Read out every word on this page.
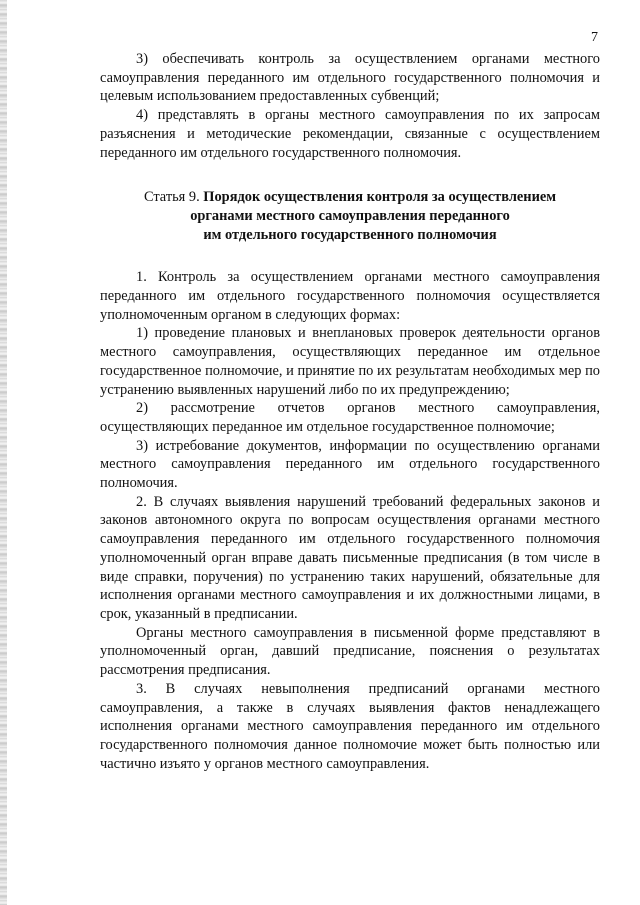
7

3) обеспечивать контроль за осуществлением органами местного самоуправления переданного им отдельного государственного полномочия и целевым использованием предоставленных субвенций;

4) представлять в органы местного самоуправления по их запросам разъяснения и методические рекомендации, связанные с осуществлением переданного им отдельного государственного полномочия.

Статья 9. Порядок осуществления контроля за осуществлением
органами местного самоуправления переданного
им отдельного государственного полномочия

1. Контроль за осуществлением органами местного самоуправления переданного им отдельного государственного полномочия осуществляется уполномоченным органом в следующих формах:

1) проведение плановых и внеплановых проверок деятельности органов местного самоуправления, осуществляющих переданное им отдельное государственное полномочие, и принятие по их результатам необходимых мер по устранению выявленных нарушений либо по их предупреждению;

2) рассмотрение отчетов органов местного самоуправления, осуществляющих переданное им отдельное государственное полномочие;

3) истребование документов, информации по осуществлению органами местного самоуправления переданного им отдельного государственного полномочия.

2. В случаях выявления нарушений требований федеральных законов и законов автономного округа по вопросам осуществления органами местного самоуправления переданного им отдельного государственного полномочия уполномоченный орган вправе давать письменные предписания (в том числе в виде справки, поручения) по устранению таких нарушений, обязательные для исполнения органами местного самоуправления и их должностными лицами, в срок, указанный в предписании.

Органы местного самоуправления в письменной форме представляют в уполномоченный орган, давший предписание, пояснения о результатах рассмотрения предписания.

3. В случаях невыполнения предписаний органами местного самоуправления, а также в случаях выявления фактов ненадлежащего исполнения органами местного самоуправления переданного им отдельного государственного полномочия данное полномочие может быть полностью или частично изъято у органов местного самоуправления.
